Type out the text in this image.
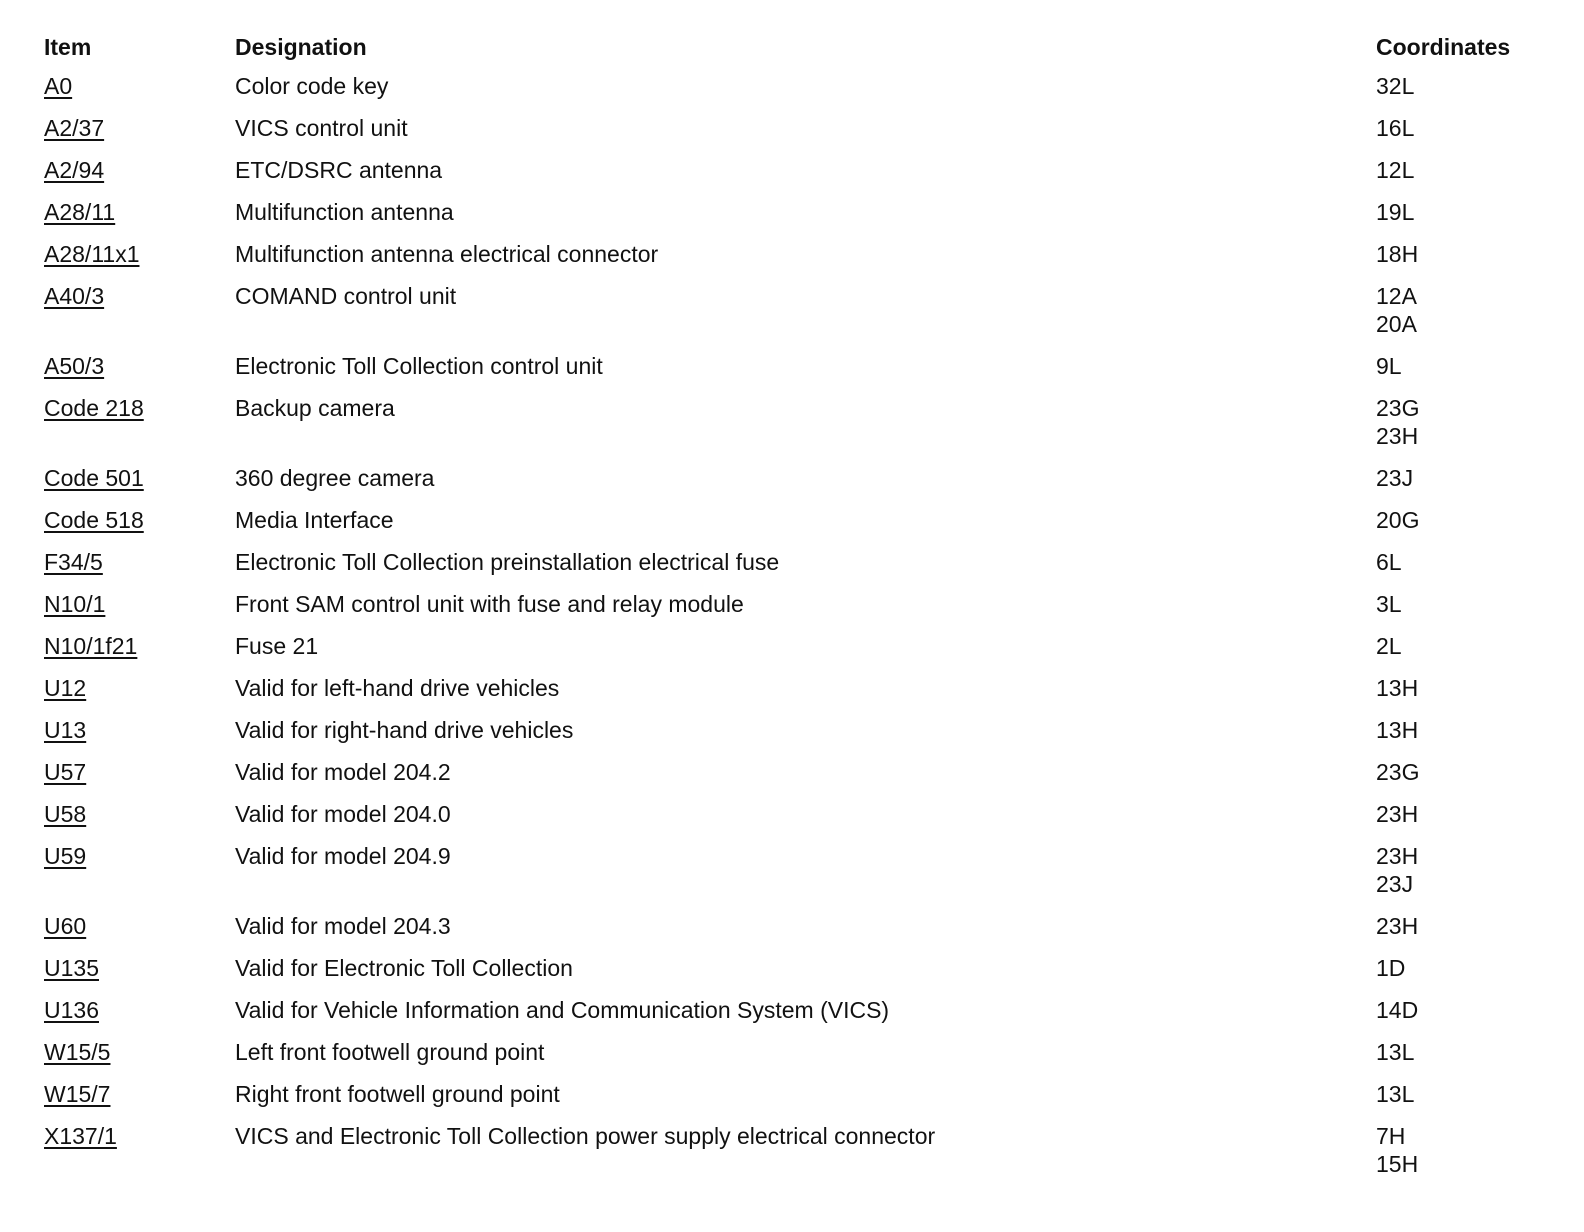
Item	Designation	Coordinates
A0	Color code key	32L
A2/37	VICS control unit	16L
A2/94	ETC/DSRC antenna	12L
A28/11	Multifunction antenna	19L
A28/11x1	Multifunction antenna electrical connector	18H
A40/3	COMAND control unit	12A
20A
A50/3	Electronic Toll Collection control unit	9L
Code 218	Backup camera	23G
23H
Code 501	360 degree camera	23J
Code 518	Media Interface	20G
F34/5	Electronic Toll Collection preinstallation electrical fuse	6L
N10/1	Front SAM control unit with fuse and relay module	3L
N10/1f21	Fuse 21	2L
U12	Valid for left-hand drive vehicles	13H
U13	Valid for right-hand drive vehicles	13H
U57	Valid for model 204.2	23G
U58	Valid for model 204.0	23H
U59	Valid for model 204.9	23H
23J
U60	Valid for model 204.3	23H
U135	Valid for Electronic Toll Collection	1D
U136	Valid for Vehicle Information and Communication System (VICS)	14D
W15/5	Left front footwell ground point	13L
W15/7	Right front footwell ground point	13L
X137/1	VICS and Electronic Toll Collection power supply electrical connector	7H
15H
